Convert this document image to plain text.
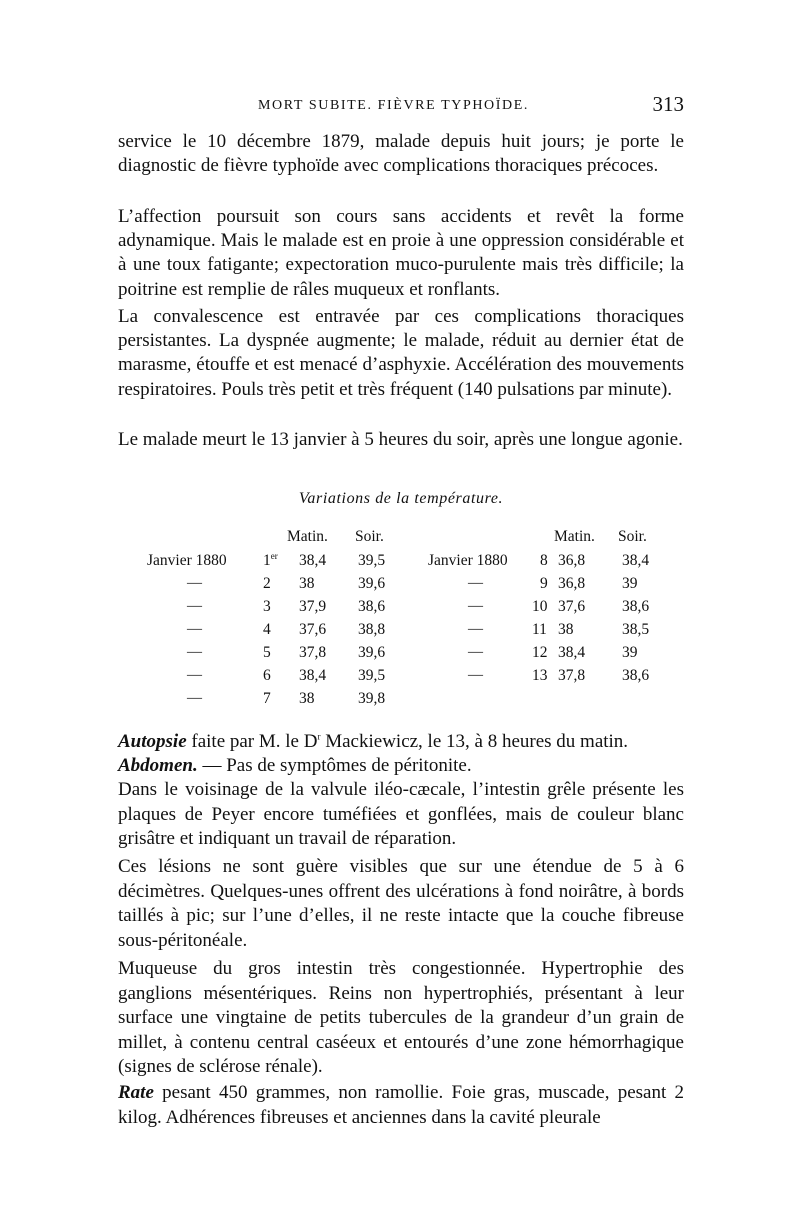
MORT SUBITE. FIÈVRE TYPHOÏDE.	313

service le 10 décembre 1879, malade depuis huit jours; je porte le diagnostic de fièvre typhoïde avec complications thoraciques précoces.

L’affection poursuit son cours sans accidents et revêt la forme adynamique. Mais le malade est en proie à une oppression considérable et à une toux fatigante; expectoration muco-purulente mais très difficile; la poitrine est remplie de râles muqueux et ronflants.

La convalescence est entravée par ces complications thoraciques persistantes. La dyspnée augmente; le malade, réduit au dernier état de marasme, étouffe et est menacé d’asphyxie. Accélération des mouvements respiratoires. Pouls très petit et très fréquent (140 pulsations par minute).

Le malade meurt le 13 janvier à 5 heures du soir, après une longue agonie.

Variations de la température.
Matin. Soir.
Janvier 1880 1er 38,4 39,5
—	2 38	39,6
—	3 37,9 38,6
—	4 37,6 38,8
—	5 37,8 39,6
—	6 38,4 39,5
—	7 38	39,8
Matin. Soir.
Janvier 1880 8 36,8 38,4
—	9 36,8 39
—	10 37,6 38,6
—	11 38	38,5
—	12 38,4 39
—	13 37,8 38,6

Autopsie faite par M. le $D^r$ Mackiewicz, le 13, à 8 heures du matin.

Abdomen. — Pas de symptômes de péritonite.

Dans le voisinage de la valvule iléo-cæcale, l’intestin grêle présente les plaques de Peyer encore tuméfiées et gonflées, mais de couleur blanc grisâtre et indiquant un travail de réparation.

Ces lésions ne sont guère visibles que sur une étendue de 5 à 6 décimètres. Quelques-unes offrent des ulcérations à fond noirâtre, à bords taillés à pic; sur l’une d’elles, il ne reste intacte que la couche fibreuse sous-péritonéale.

Muqueuse du gros intestin très congestionnée. Hypertrophie des ganglions mésentériques. Reins non hypertrophiés, présentant à leur surface une vingtaine de petits tubercules de la grandeur d’un grain de millet, à contenu central caséeux et entourés d’une zone hémorrhagique (signes de sclérose rénale).

Rate pesant 450 grammes, non ramollie. Foie gras, muscade, pesant 2 kilog. Adhérences fibreuses et anciennes dans la cavité pleurale
